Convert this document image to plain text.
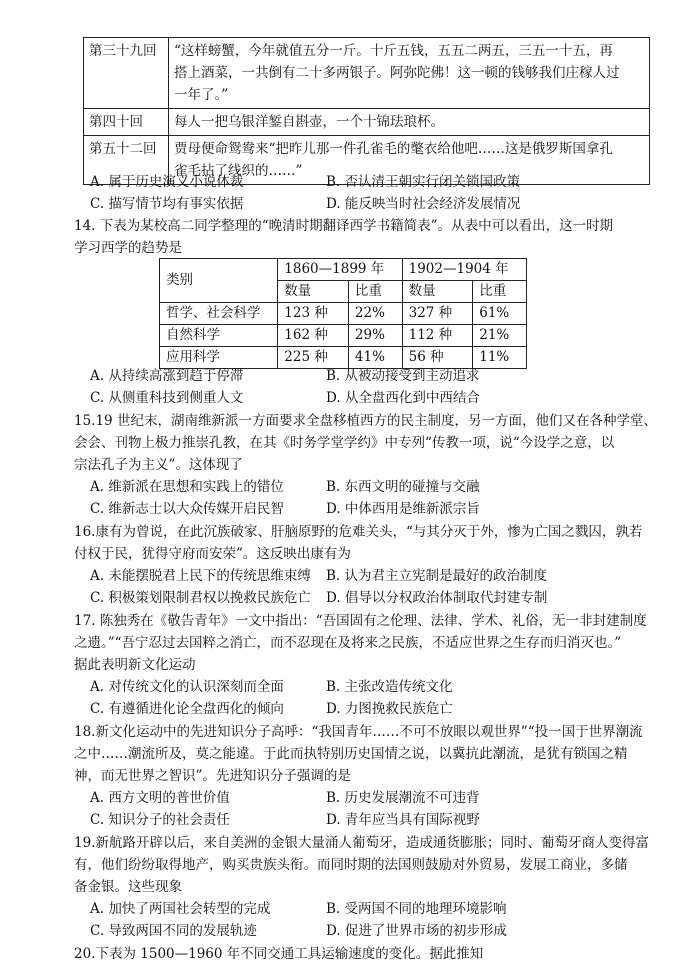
第三十九回	“这样螃蟹，今年就值五分一斤。十斤五钱，五五二两五，三五一十五，再
搭上酒菜，一共倒有二十多两银子。阿弥陀佛！这一顿的钱够我们庄稼人过
一年了。”

第四十回	每人一把乌银洋錾自斟壶，一个十锦珐琅杯。

第五十二回	贾母便命鸳鸯来“把昨儿那一件孔雀毛的氅衣给他吧……这是俄罗斯国拿孔
雀毛拈了线织的……”
A. 属于历史演义小说体裁	B. 否认清王朝实行闭关锁国政策
C. 描写情节均有事实依据	D. 能反映当时社会经济发展情况
14. 下表为某校高二同学整理的“晚清时期翻译西学书籍简表”。从表中可以看出，这一时期
学习西学的趋势是
类别	1860—1899 年		1902—1904 年	
	数量	比重	数量	比重
哲学、社会科学	123 种	22%	327 种	61%
自然科学	162 种	29%	112 种	21%
应用科学	225 种	41%	56 种	11%
A. 从持续高涨到趋于停滞	B. 从被动接受到主动追求
C. 从侧重科技到侧重人文	D. 从全盘西化到中西结合
15.19 世纪末，湖南维新派一方面要求全盘移植西方的民主制度，另一方面，他们又在各种学堂、
会会、刊物上极力推崇孔教，在其《时务学堂学约》中专列“传教一项，说“今设学之意，以
宗法孔子为主义”。这体现了
A. 维新派在思想和实践上的错位	B. 东西文明的碰撞与交融
C. 维新志士以大众传媒开启民智	D. 中体西用是维新派宗旨
16.康有为曾说，在此沉族破家、肝脑原野的危难关头，“与其分灭于外，惨为亡国之戮囚，孰若
付权于民，犹得守府而安荣”。这反映出康有为
A. 未能摆脱君上民下的传统思维束缚 B. 认为君主立宪制是最好的政治制度
C. 积极策划限制君权以挽救民族危亡 D. 倡导以分权政治体制取代封建专制
17. 陈独秀在《敬告青年》一文中指出：“吾国固有之伦理、法律、学术、礼俗，无一非封建制度
之遗。”“吾宁忍过去国粹之消亡，而不忍现在及将来之民族，不适应世界之生存而归消灭也。”
据此表明新文化运动
A. 对传统文化的认识深刻而全面	B. 主张改造传统文化
C. 有遵循进化论全盘西化的倾向	D. 力图挽救民族危亡
18.新文化运动中的先进知识分子高呼：“我国青年……不可不放眼以观世界”“投一国于世界潮流
之中……潮流所及，莫之能違。于此而执特别历史国情之说，以冀抗此潮流，是犹有锁国之精
神，而无世界之智识”。先进知识分子强调的是
A. 西方文明的普世价值	B. 历史发展潮流不可违背
C. 知识分子的社会责任	D. 青年应当具有国际视野
19.新航路开辟以后，来自美洲的金银大量涌人葡萄牙，造成通货膨胀；同时、葡萄牙商人变得富
有，他们纷纷取得地产，购买贵族头衔。而同时期的法国则鼓励对外贸易，发展工商业，多储
备金银。这些现象
A. 加快了两国社会转型的完成	B. 受两国不同的地理环境影响
C. 导致两国不同的发展轨迹	D. 促进了世界市场的初步形成
20.下表为 1500—1960 年不同交通工具运输速度的变化。据此推知
